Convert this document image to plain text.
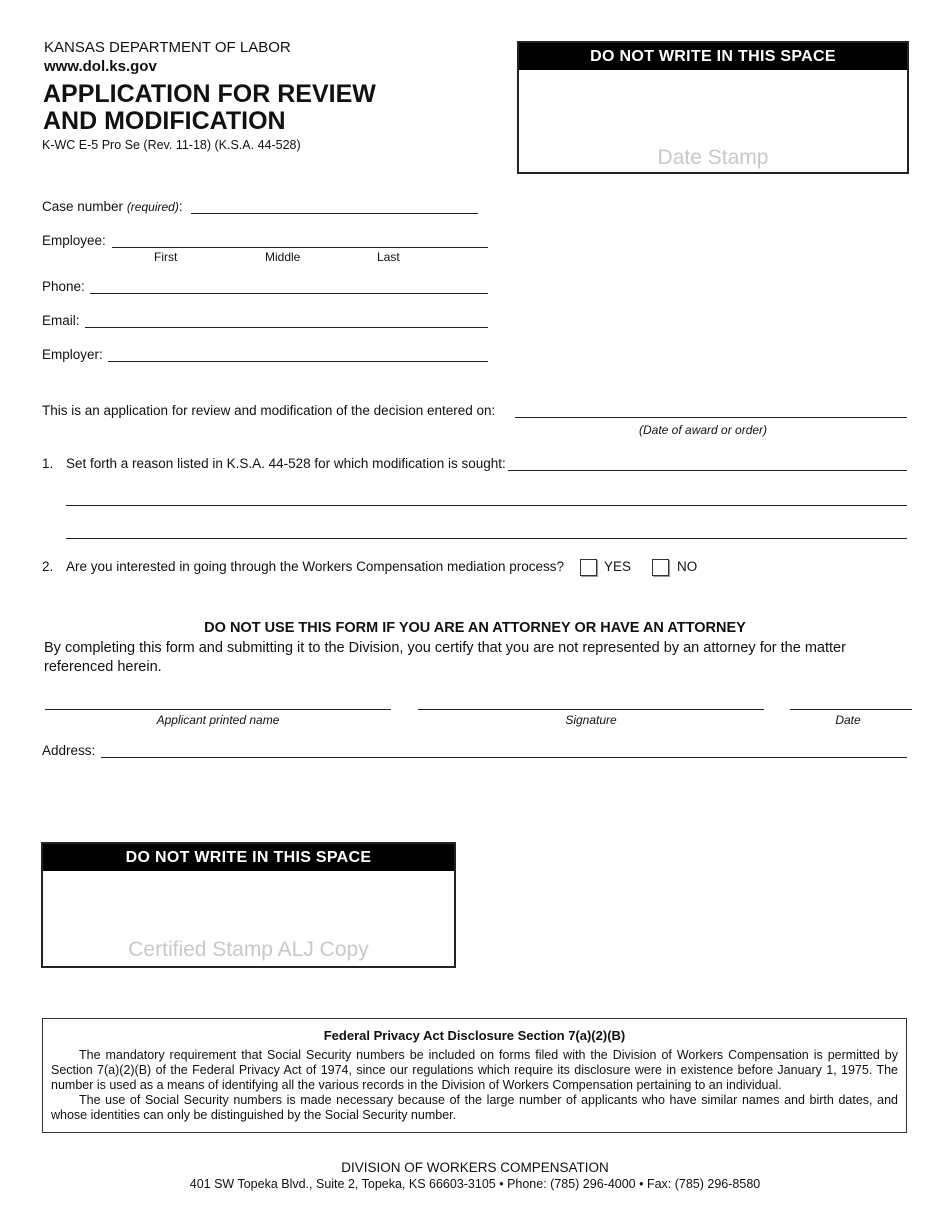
KANSAS DEPARTMENT OF LABOR
www.dol.ks.gov
APPLICATION FOR REVIEW
AND MODIFICATION
K-WC E-5 Pro Se (Rev. 11-18) (K.S.A. 44-528)
DO NOT WRITE IN THIS SPACE
Date Stamp
Case number (required):
Employee:
First	Middle	Last
Phone:
Email:
Employer:
This is an application for review and modification of the decision entered on:
(Date of award or order)
1. Set forth a reason listed in K.S.A. 44-528 for which modification is sought:
2. Are you interested in going through the Workers Compensation mediation process?	YES	NO
DO NOT USE THIS FORM IF YOU ARE AN ATTORNEY OR HAVE AN ATTORNEY
By completing this form and submitting it to the Division, you certify that you are not represented by an attorney for the matter referenced herein.
Applicant printed name	Signature	Date
Address:
DO NOT WRITE IN THIS SPACE
Certified Stamp ALJ Copy
Federal Privacy Act Disclosure Section 7(a)(2)(B)
The mandatory requirement that Social Security numbers be included on forms filed with the Division of Workers Compensation is permitted by Section 7(a)(2)(B) of the Federal Privacy Act of 1974, since our regulations which require its disclosure were in existence before January 1, 1975. The number is used as a means of identifying all the various records in the Division of Workers Compensation pertaining to an individual.
The use of Social Security numbers is made necessary because of the large number of applicants who have similar names and birth dates, and whose identities can only be distinguished by the Social Security number.
DIVISION OF WORKERS COMPENSATION
401 SW Topeka Blvd., Suite 2, Topeka, KS 66603-3105 • Phone: (785) 296-4000 • Fax: (785) 296-8580
